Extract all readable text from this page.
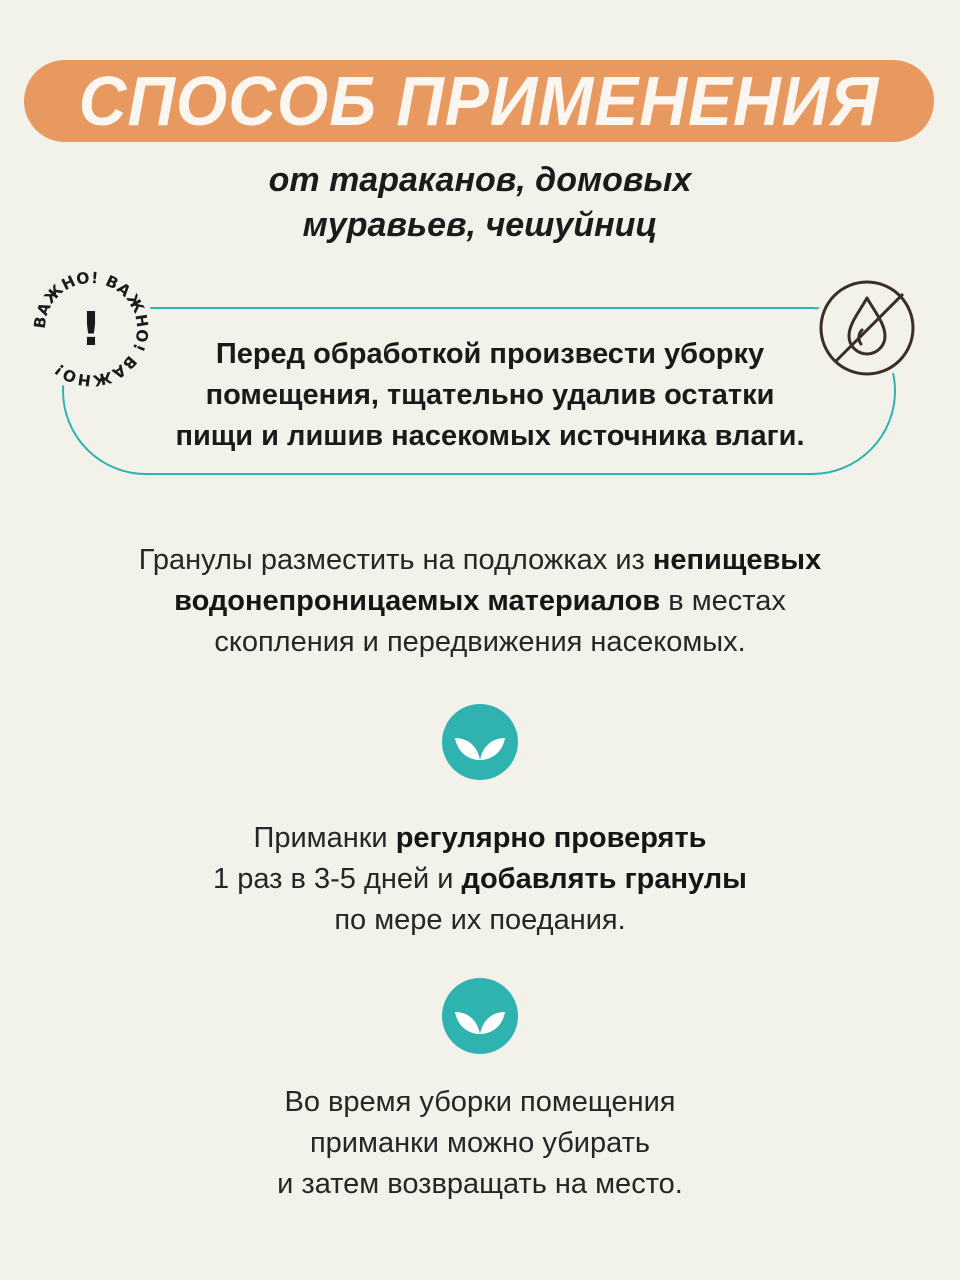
СПОСОБ ПРИМЕНЕНИЯ
от тараканов, домовых
муравьев, чешуйниц
Перед обработкой произвести уборку
помещения, тщательно удалив остатки
пищи и лишив насекомых источника влаги.
ВАЖНО! ВАЖНО! ВАЖНО!
!
Гранулы разместить на подложках из непищевых
водонепроницаемых материалов в местах
скопления и передвижения насекомых.
Приманки регулярно проверять
1 раз в 3-5 дней и добавлять гранулы
по мере их поедания.
Во время уборки помещения
приманки можно убирать
и затем возвращать на место.
